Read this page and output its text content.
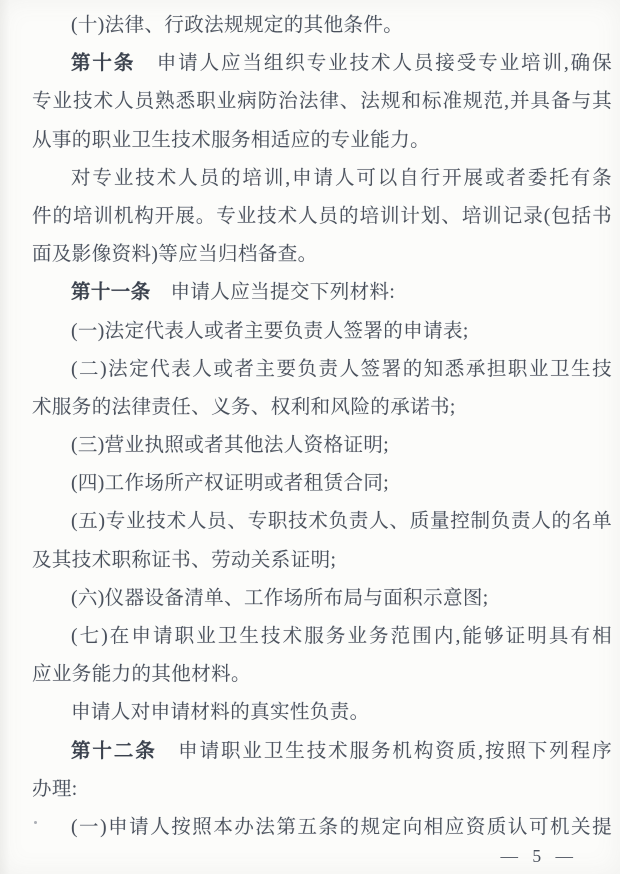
(十)法律、行政法规规定的其他条件。
第十条　申请人应当组织专业技术人员接受专业培训,确保
专业技术人员熟悉职业病防治法律、法规和标准规范,并具备与其
从事的职业卫生技术服务相适应的专业能力。
对专业技术人员的培训,申请人可以自行开展或者委托有条
件的培训机构开展。专业技术人员的培训计划、培训记录(包括书
面及影像资料)等应当归档备查。
第十一条　申请人应当提交下列材料:
(一)法定代表人或者主要负责人签署的申请表;
(二)法定代表人或者主要负责人签署的知悉承担职业卫生技
术服务的法律责任、义务、权利和风险的承诺书;
(三)营业执照或者其他法人资格证明;
(四)工作场所产权证明或者租赁合同;
(五)专业技术人员、专职技术负责人、质量控制负责人的名单
及其技术职称证书、劳动关系证明;
(六)仪器设备清单、工作场所布局与面积示意图;
(七)在申请职业卫生技术服务业务范围内,能够证明具有相
应业务能力的其他材料。
申请人对申请材料的真实性负责。
第十二条　申请职业卫生技术服务机构资质,按照下列程序
办理:
(一)申请人按照本办法第五条的规定向相应资质认可机关提
— 5 —
